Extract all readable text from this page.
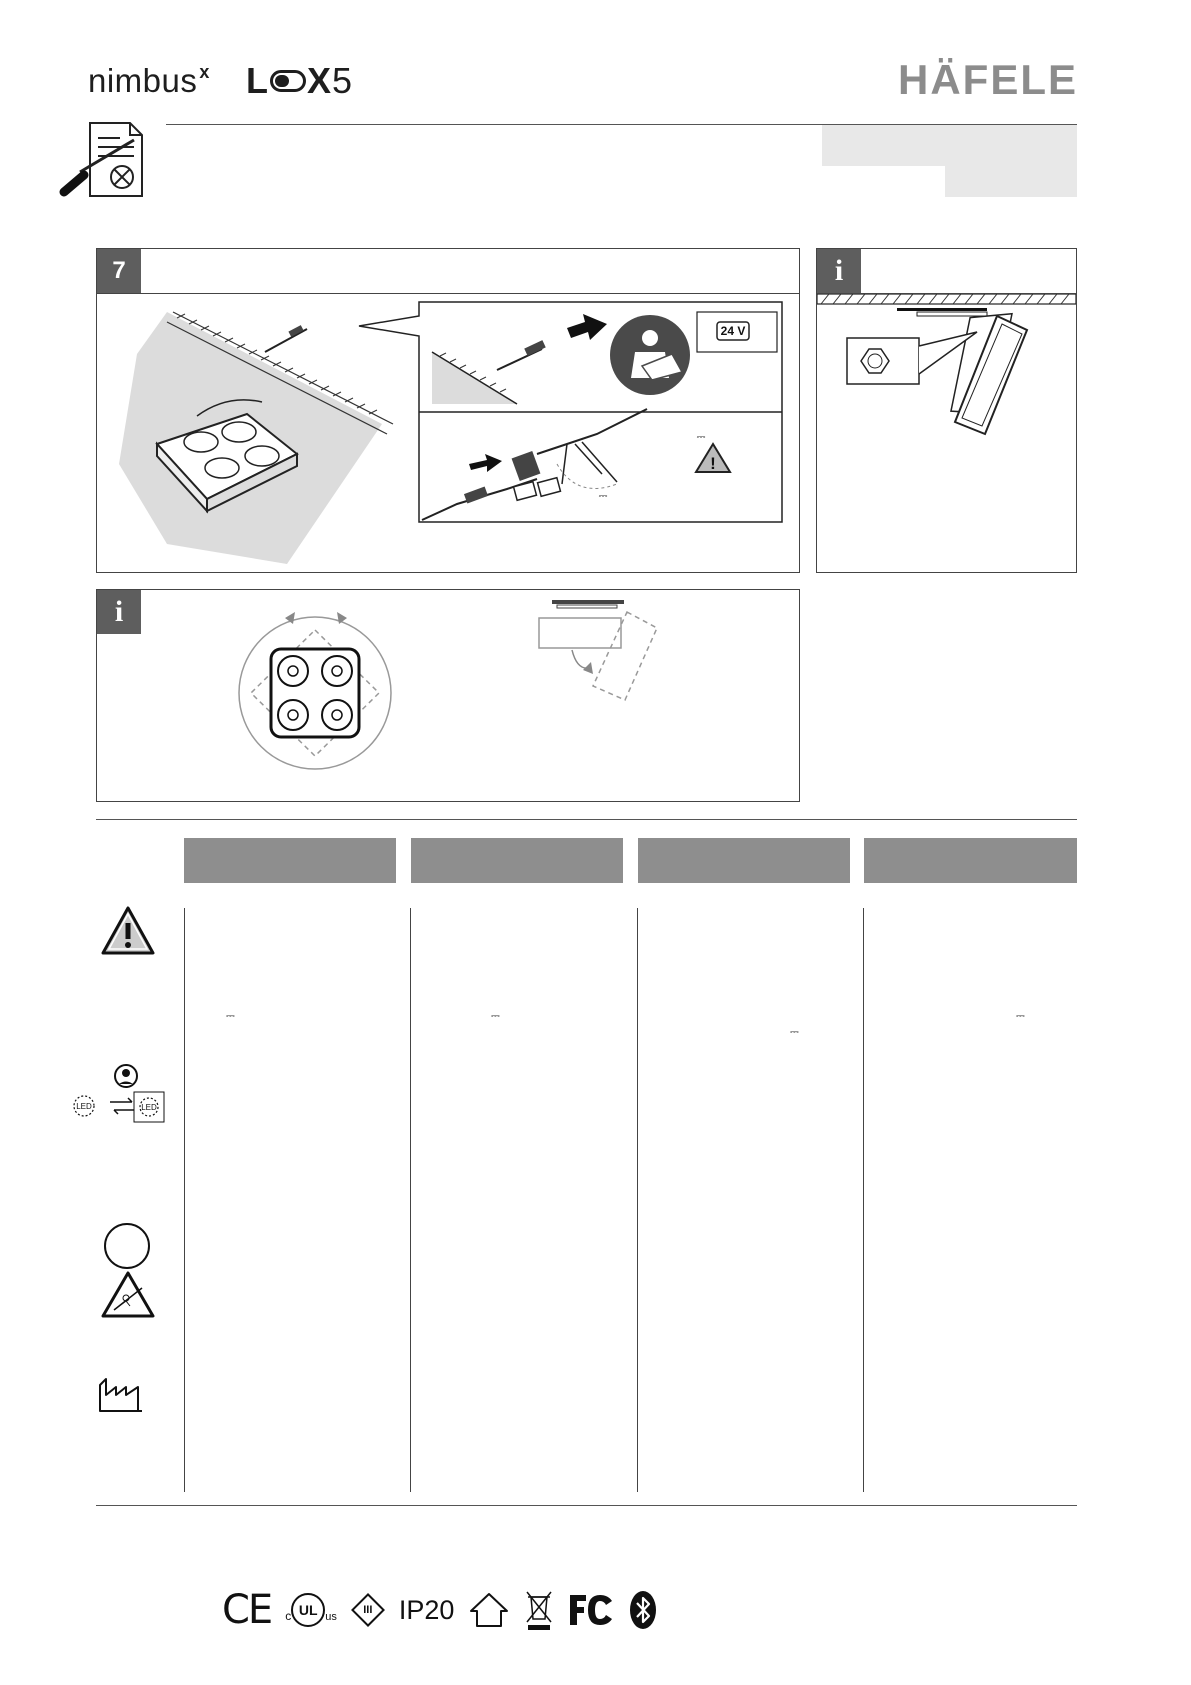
nimbus $^x$ L X5	HÄFELE
7
24 V
⎓
⎓
!
i
i
⎓	⎓
⎓
⎓
LED	LED
CE c UL us
III IP20
